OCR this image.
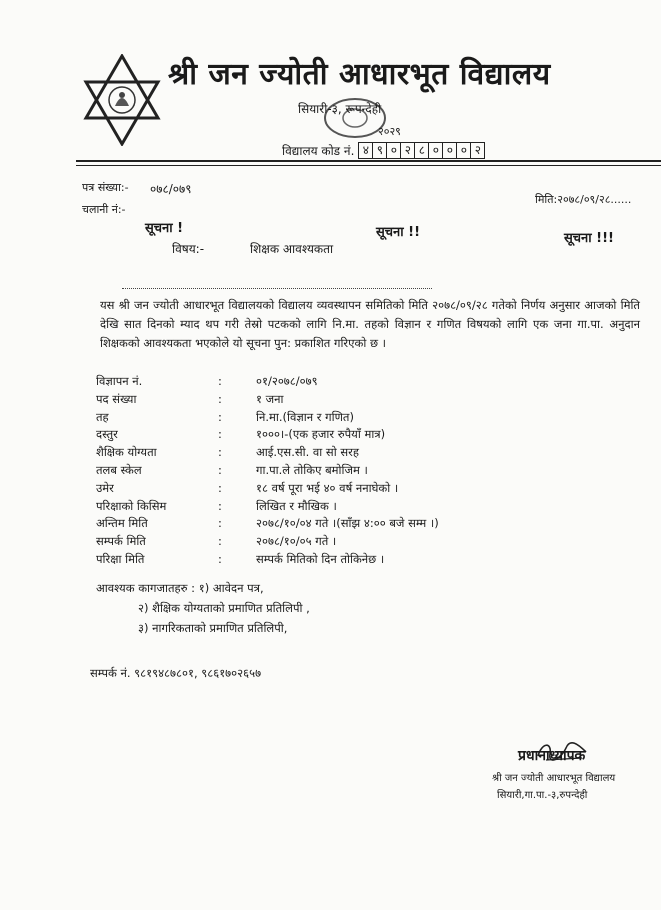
श्री जन ज्योती आधारभूत विद्यालय
सियारी-३, रूपन्देही
२०२९
विद्यालय कोड नं. ४ ९ ० २ ८ ० ० ० २
पत्र संख्या:- ०७८/०७९
चलानी नं:-
मिति:२०७८/०९/२८......
सूचना !	सूचना !!	सूचना !!!
विषय:-	शिक्षक आवश्यकता
यस श्री जन ज्योती आधारभूत विद्यालयको विद्यालय व्यवस्थापन समितिको मिति २०७८/०९/२८ गतेको निर्णय अनुसार आजको मिति देखि सात दिनको म्याद थप गरी तेस्रो पटकको लागि नि.मा. तहको विज्ञान र गणित विषयको लागि एक जना गा.पा. अनुदान शिक्षकको आवश्यकता भएकोले यो सूचना पुन: प्रकाशित गरिएको छ ।
विज्ञापन नं.	:	०१/२०७८/०७९
पद संख्या	:	१ जना
तह	:	नि.मा.(विज्ञान र गणित)
दस्तुर	:	१०००।-(एक हजार रुपैयाँ मात्र)
शैक्षिक योग्यता	:	आई.एस.सी. वा सो सरह
तलब स्केल	:	गा.पा.ले तोकिए बमोजिम ।
उमेर	:	१८ वर्ष पूरा भई ४० वर्ष ननाघेको ।
परिक्षाको किसिम	:	लिखित र मौखिक ।
अन्तिम मिति	:	२०७८/१०/०४ गते ।(साँझ ४:०० बजे सम्म ।)
सम्पर्क मिति	:	२०७८/१०/०५ गते ।
परिक्षा मिति	:	सम्पर्क मितिको दिन तोकिनेछ ।
आवश्यक कागजातहरु : १) आवेदन पत्र,
२) शैक्षिक योग्यताको प्रमाणित प्रतिलिपी ,
३) नागरिकताको प्रमाणित प्रतिलिपी,
सम्पर्क नं. ९८१९४८७८०१, ९८६१७०२६५७
प्रधानाध्यापक
श्री जन ज्योती आधारभूत विद्यालय
सियारी,गा.पा.-३,रुपन्देही
